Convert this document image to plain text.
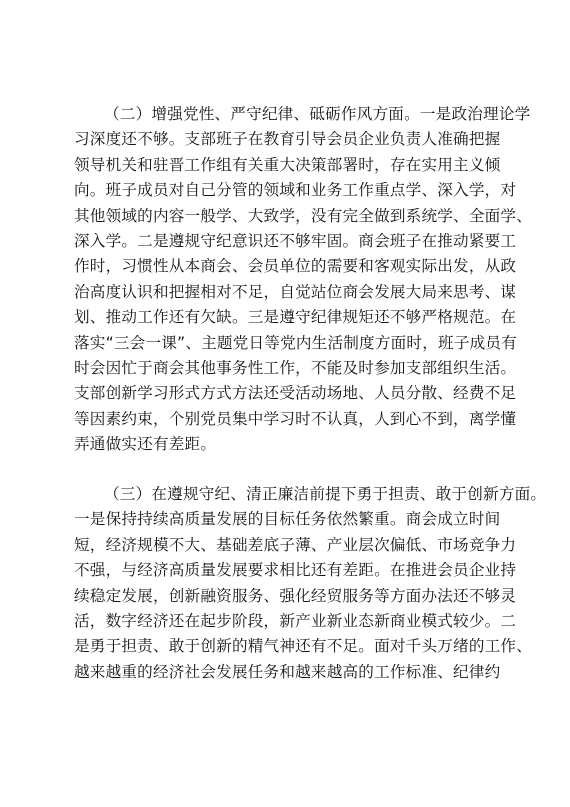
（二）增强党性、严守纪律、砥砺作风方面。一是政治理论学
习深度还不够。支部班子在教育引导会员企业负责人准确把握
领导机关和驻晋工作组有关重大决策部署时，存在实用主义倾
向。班子成员对自己分管的领域和业务工作重点学、深入学，对
其他领域的内容一般学、大致学，没有完全做到系统学、全面学、
深入学。二是遵规守纪意识还不够牢固。商会班子在推动紧要工
作时，习惯性从本商会、会员单位的需要和客观实际出发，从政
治高度认识和把握相对不足，自觉站位商会发展大局来思考、谋
划、推动工作还有欠缺。三是遵守纪律规矩还不够严格规范。在
落实“三会一课”、主题党日等党内生活制度方面时，班子成员有
时会因忙于商会其他事务性工作，不能及时参加支部组织生活。
支部创新学习形式方式方法还受活动场地、人员分散、经费不足
等因素约束，个别党员集中学习时不认真，人到心不到，离学懂
弄通做实还有差距。
（三）在遵规守纪、清正廉洁前提下勇于担责、敢于创新方面。
一是保持持续高质量发展的目标任务依然繁重。商会成立时间
短，经济规模不大、基础差底子薄、产业层次偏低、市场竞争力
不强，与经济高质量发展要求相比还有差距。在推进会员企业持
续稳定发展，创新融资服务、强化经贸服务等方面办法还不够灵
活，数字经济还在起步阶段，新产业新业态新商业模式较少。二
是勇于担责、敢于创新的精气神还有不足。面对千头万绪的工作、
越来越重的经济社会发展任务和越来越高的工作标准、纪律约
